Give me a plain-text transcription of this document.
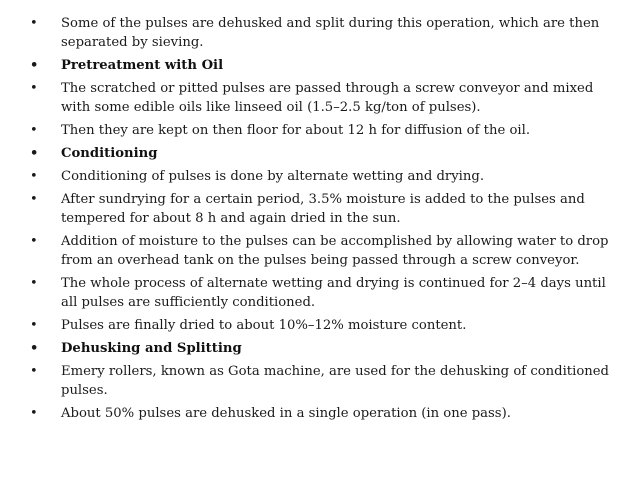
•	Some of the pulses are dehusked and split during this operation, which are then separated by sieving.
•	Pretreatment with Oil
•	The scratched or pitted pulses are passed through a screw conveyor and mixed with some edible oils like linseed oil (1.5–2.5 kg/ton of pulses).
•	Then they are kept on then floor for about 12 h for diffusion of the oil.
•	Conditioning
•	Conditioning of pulses is done by alternate wetting and drying.
•	After sundrying for a certain period, 3.5% moisture is added to the pulses and tempered for about 8 h and again dried in the sun.
•	Addition of moisture to the pulses can be accomplished by allowing water to drop from an overhead tank on the pulses being passed through a screw conveyor.
•	The whole process of alternate wetting and drying is continued for 2–4 days until all pulses are sufficiently conditioned.
•	Pulses are finally dried to about 10%–12% moisture content.
•	Dehusking and Splitting
•	Emery rollers, known as Gota machine, are used for the dehusking of conditioned pulses.
•	About 50% pulses are dehusked in a single operation (in one pass).
